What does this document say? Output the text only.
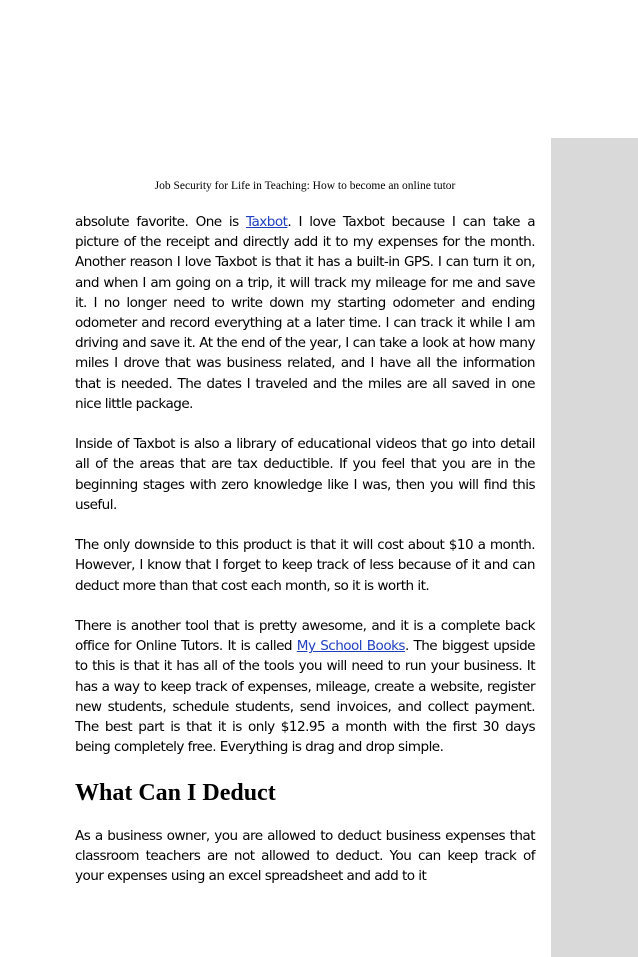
Job Security for Life in Teaching: How to become an online tutor

absolute favorite. One is Taxbot. I love Taxbot because I can take a picture of the receipt and directly add it to my expenses for the month. Another reason I love Taxbot is that it has a built-in GPS. I can turn it on, and when I am going on a trip, it will track my mileage for me and save it. I no longer need to write down my starting odometer and ending odometer and record everything at a later time. I can track it while I am driving and save it. At the end of the year, I can take a look at how many miles I drove that was business related, and I have all the information that is needed. The dates I traveled and the miles are all saved in one nice little package.

Inside of Taxbot is also a library of educational videos that go into detail all of the areas that are tax deductible. If you feel that you are in the beginning stages with zero knowledge like I was, then you will find this useful.

The only downside to this product is that it will cost about $10 a month. However, I know that I forget to keep track of less because of it and can deduct more than that cost each month, so it is worth it.

There is another tool that is pretty awesome, and it is a complete back office for Online Tutors. It is called My School Books. The biggest upside to this is that it has all of the tools you will need to run your business. It has a way to keep track of expenses, mileage, create a website, register new students, schedule students, send invoices, and collect payment. The best part is that it is only $12.95 a month with the first 30 days being completely free. Everything is drag and drop simple.

What Can I Deduct

As a business owner, you are allowed to deduct business expenses that classroom teachers are not allowed to deduct. You can keep track of your expenses using an excel spreadsheet and add to it
